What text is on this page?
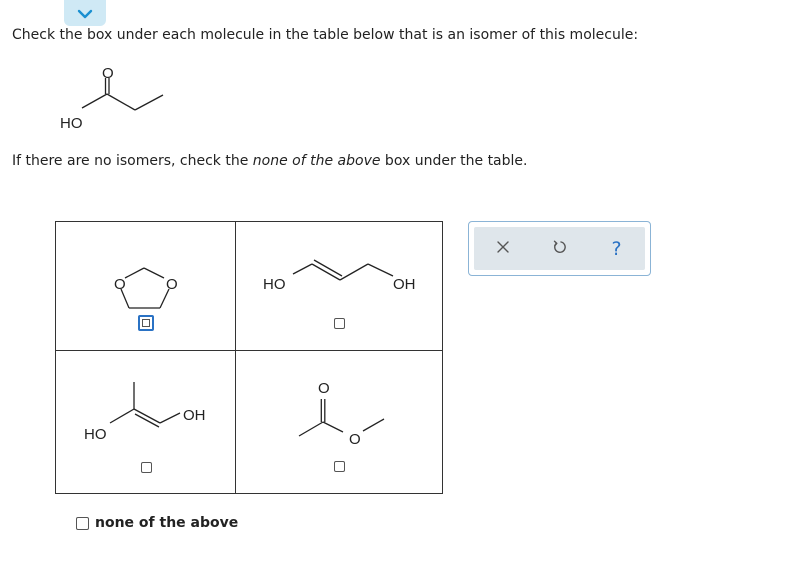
Check the box under each molecule in the table below that is an isomer of this molecule:
O
HO
If there are no isomers, check the none of the above box under the table.
O	O	HO	OH
HO
OH
O
O
none of the above
?
